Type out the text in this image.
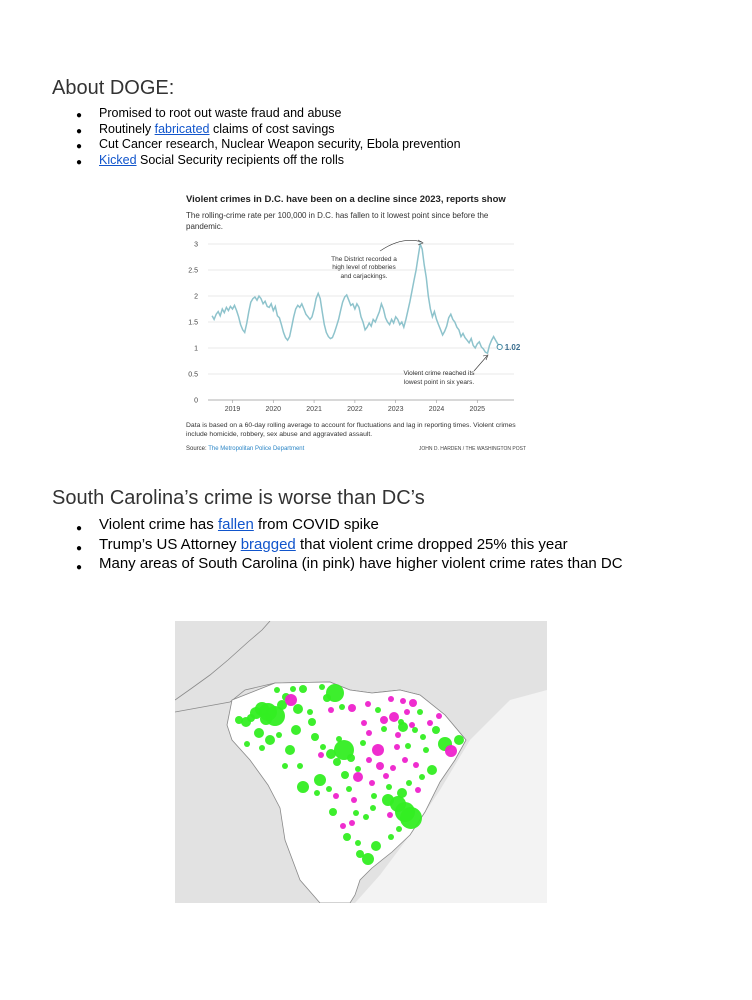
About DOGE:
● Promised to root out waste fraud and abuse
● Routinely fabricated claims of cost savings
● Cut Cancer research, Nuclear Weapon security, Ebola prevention
● Kicked Social Security recipients off the rolls
Violent crimes in D.C. have been on a decline since 2023, reports show
The rolling-crime rate per 100,000 in D.C. has fallen to it lowest point since before the
pandemic.
0
0.5
1
1.5
2
2.5
3
2019	2020	2021	2022	2023	2024	2025
1.02
The District recorded a
high level of robberies
and carjackings.
Violent crime reached its
lowest point in six years.
Data is based on a 60-day rolling average to account for fluctuations and lag in reporting times. Violent crimes
include homicide, robbery, sex abuse and aggravated assault.
Source: The Metropolitan Police Department	JOHN D. HARDEN / THE WASHINGTON POST
South Carolina’s crime is worse than DC’s
● Violent crime has fallen from COVID spike
● Trump’s US Attorney bragged that violent crime dropped 25% this year
● Many areas of South Carolina (in pink) have higher violent crime rates than DC
